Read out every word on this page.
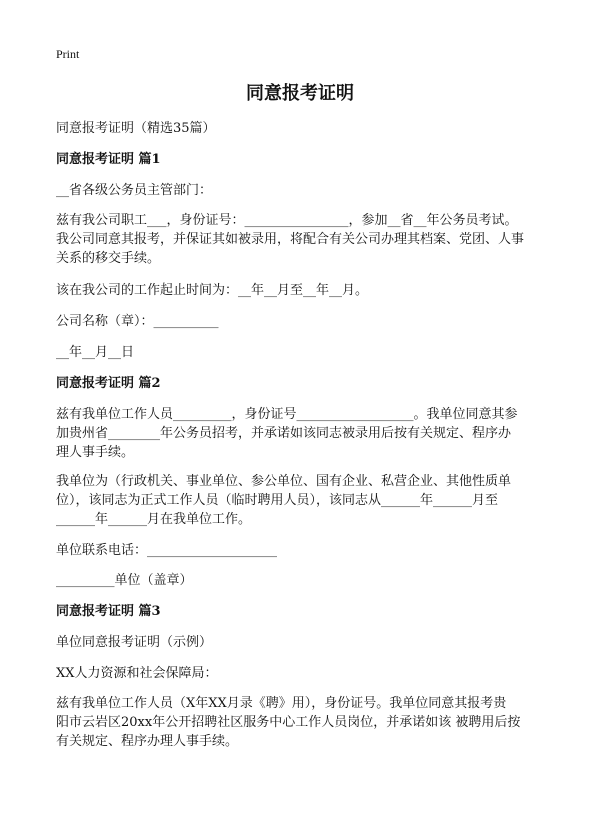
Print
同意报考证明
同意报考证明（精选35篇）
同意报考证明 篇1
__省各级公务员主管部门：
兹有我公司职工___，身份证号：________________，参加__省__年公务员考试。
我公司同意其报考，并保证其如被录用，将配合有关公司办理其档案、党团、人事
关系的移交手续。
该在我公司的工作起止时间为：__年__月至__年__月。
公司名称（章）：__________
__年__月__日
同意报考证明 篇2
兹有我单位工作人员_________，身份证号__________________。我单位同意其参
加贵州省________年公务员招考，并承诺如该同志被录用后按有关规定、程序办
理人事手续。
我单位为（行政机关、事业单位、参公单位、国有企业、私营企业、其他性质单
位），该同志为正式工作人员（临时聘用人员），该同志从______年______月至
______年______月在我单位工作。
单位联系电话：____________________
_________单位（盖章）
同意报考证明 篇3
单位同意报考证明（示例）
XX人力资源和社会保障局：
兹有我单位工作人员（X年XX月录《聘》用），身份证号。我单位同意其报考贵
阳市云岩区20xx年公开招聘社区服务中心工作人员岗位，并承诺如该 被聘用后按
有关规定、程序办理人事手续。
